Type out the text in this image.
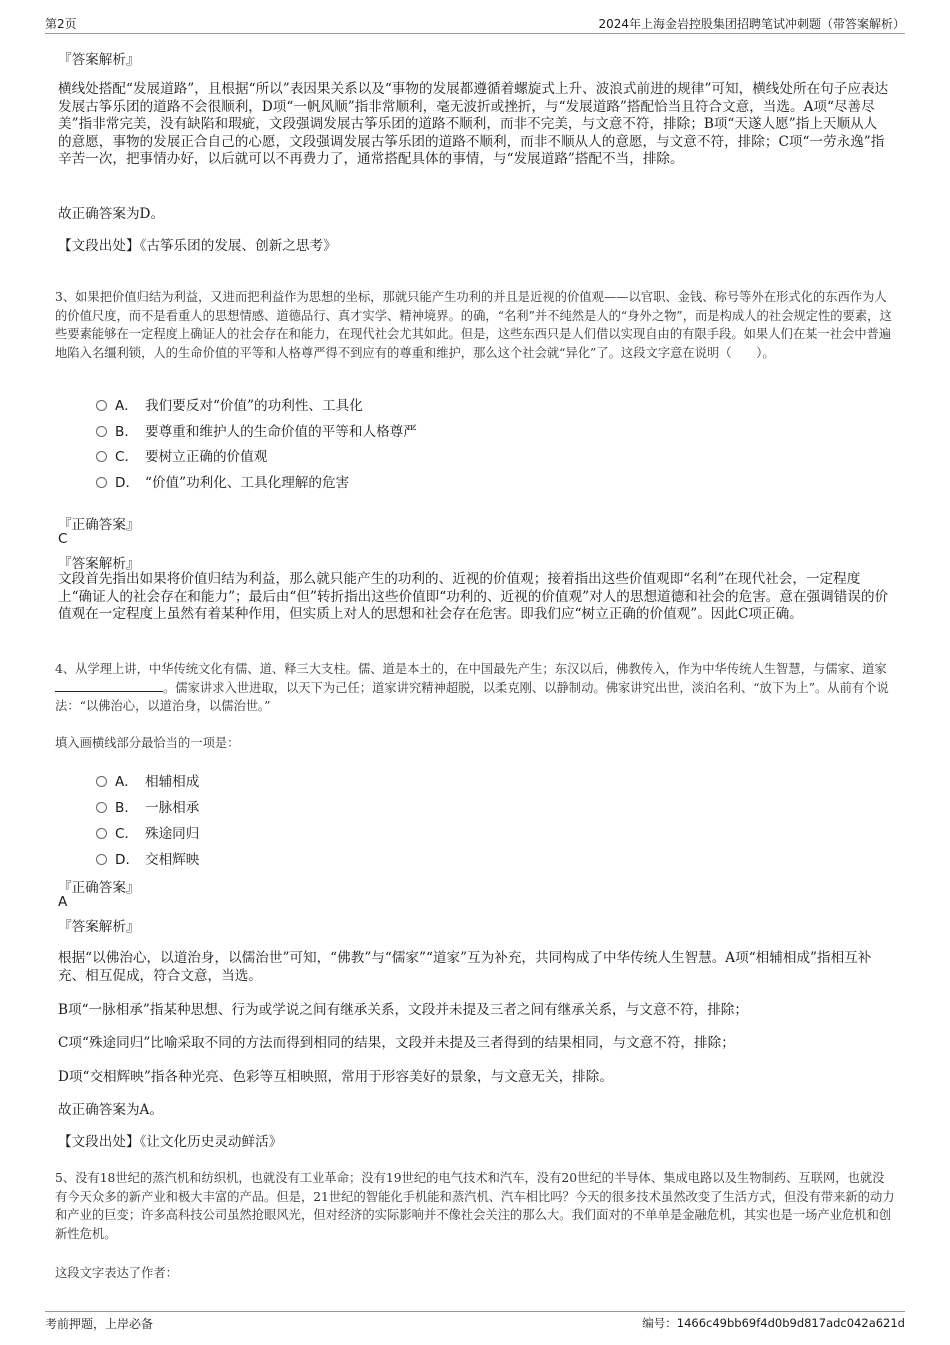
第2页	2024年上海金岩控股集团招聘笔试冲刺题（带答案解析）

『答案解析』

横线处搭配“发展道路”，且根据“所以”表因果关系以及“事物的发展都遵循着螺旋式上升、波浪式前进的规律”可知，横线处所在句子应表达发展古筝乐团的道路不会很顺利，D项“一帆风顺”指非常顺利，毫无波折或挫折，与“发展道路”搭配恰当且符合文意，当选。A项“尽善尽美”指非常完美，没有缺陷和瑕疵，文段强调发展古筝乐团的道路不顺利，而非不完美，与文意不符，排除；B项“天遂人愿”指上天顺从人的意愿，事物的发展正合自己的心愿，文段强调发展古筝乐团的道路不顺利，而非不顺从人的意愿，与文意不符，排除；C项“一劳永逸”指辛苦一次，把事情办好，以后就可以不再费力了，通常搭配具体的事情，与“发展道路”搭配不当，排除。

故正确答案为D。

【文段出处】《古筝乐团的发展、创新之思考》

3、如果把价值归结为利益，又进而把利益作为思想的坐标，那就只能产生功利的并且是近视的价值观——以官职、金钱、称号等外在形式化的东西作为人的价值尺度，而不是看重人的思想情感、道德品行、真才实学、精神境界。的确，“名利”并不纯然是人的“身外之物”，而是构成人的社会规定性的要素，这些要素能够在一定程度上确证人的社会存在和能力，在现代社会尤其如此。但是，这些东西只是人们借以实现自由的有限手段。如果人们在某一社会中普遍地陷入名缰利锁，人的生命价值的平等和人格尊严得不到应有的尊重和维护，那么这个社会就“异化”了。这段文字意在说明（　　）。

A． 我们要反对“价值”的功利性、工具化
B． 要尊重和维护人的生命价值的平等和人格尊严
C． 要树立正确的价值观
D． “价值”功利化、工具化理解的危害

『正确答案』

C

『答案解析』

文段首先指出如果将价值归结为利益，那么就只能产生的功利的、近视的价值观；接着指出这些价值观即“名利”在现代社会，一定程度上“确证人的社会存在和能力”；最后由“但”转折指出这些价值即“功利的、近视的价值观”对人的思想道德和社会的危害。意在强调错误的价值观在一定程度上虽然有着某种作用，但实质上对人的思想和社会存在危害。即我们应“树立正确的价值观”。因此C项正确。

4、从学理上讲，中华传统文化有儒、道、释三大支柱。儒、道是本土的，在中国最先产生；东汉以后，佛教传入，作为中华传统人生智慧，与儒家、道家。儒家讲求入世进取，以天下为己任；道家讲究精神超脱，以柔克刚、以静制动。佛家讲究出世，淡泊名利、“放下为上”。从前有个说法：“以佛治心，以道治身，以儒治世。”

填入画横线部分最恰当的一项是：

A． 相辅相成
B． 一脉相承
C． 殊途同归
D． 交相辉映

『正确答案』

A

『答案解析』

根据“以佛治心，以道治身，以儒治世”可知，“佛教”与“儒家”“道家”互为补充，共同构成了中华传统人生智慧。A项“相辅相成”指相互补充、相互促成，符合文意，当选。

B项“一脉相承”指某种思想、行为或学说之间有继承关系，文段并未提及三者之间有继承关系，与文意不符，排除；

C项“殊途同归”比喻采取不同的方法而得到相同的结果，文段并未提及三者得到的结果相同，与文意不符，排除；

D项“交相辉映”指各种光亮、色彩等互相映照，常用于形容美好的景象，与文意无关，排除。

故正确答案为A。

【文段出处】《让文化历史灵动鲜活》

5、没有18世纪的蒸汽机和纺织机，也就没有工业革命；没有19世纪的电气技术和汽车，没有20世纪的半导体、集成电路以及生物制药、互联网，也就没有今天众多的新产业和极大丰富的产品。但是，21世纪的智能化手机能和蒸汽机、汽车相比吗？今天的很多技术虽然改变了生活方式，但没有带来新的动力和产业的巨变；许多高科技公司虽然抢眼风光，但对经济的实际影响并不像社会关注的那么大。我们面对的不单单是金融危机，其实也是一场产业危机和创新性危机。

这段文字表达了作者：

考前押题，上岸必备	编号：1466c49bb69f4d0b9d817adc042a621d
